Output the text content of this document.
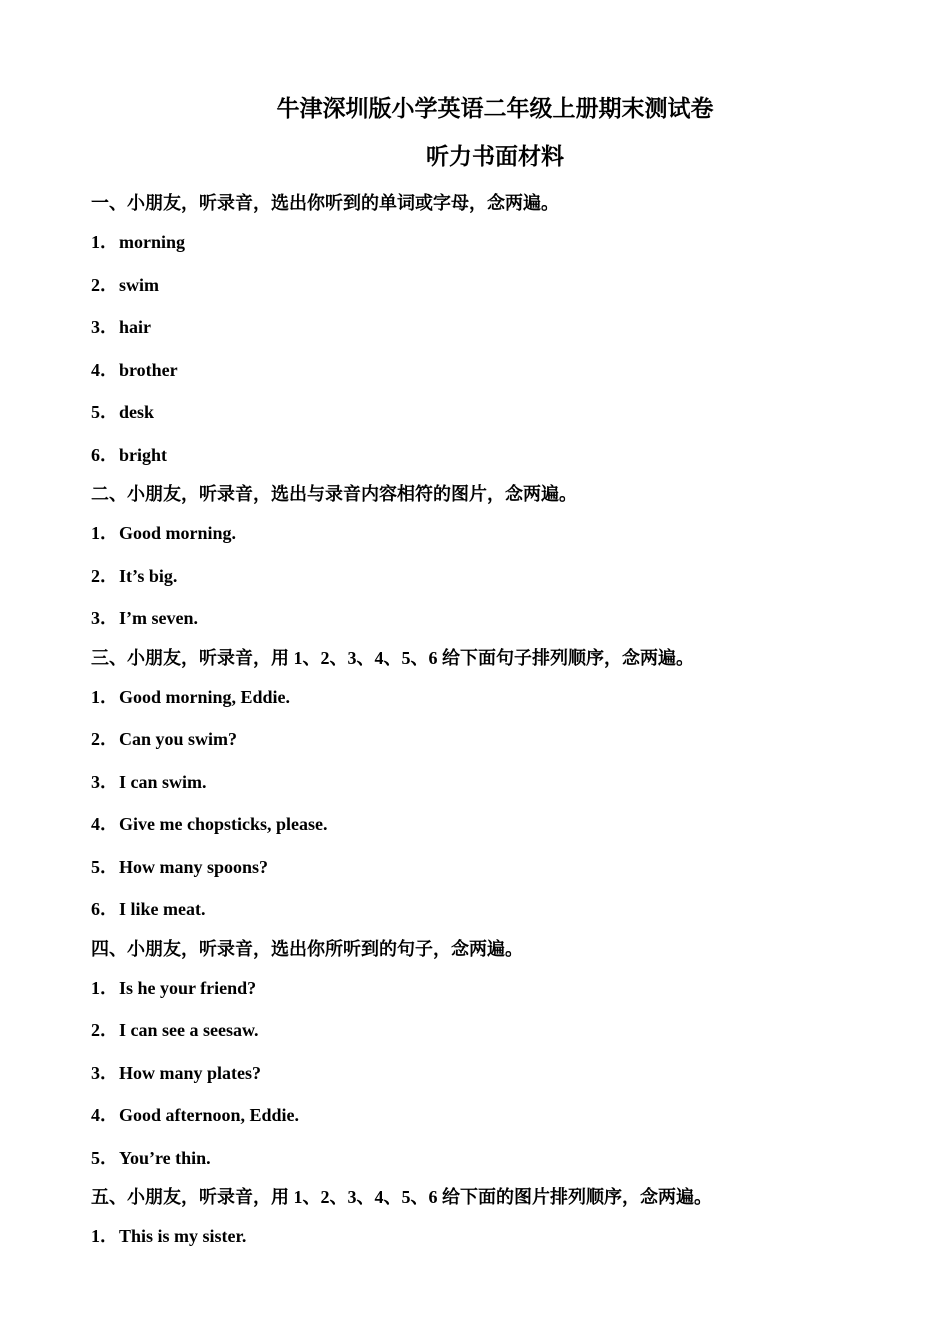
牛津深圳版小学英语二年级上册期末测试卷
听力书面材料
一、小朋友，听录音，选出你听到的单词或字母，念两遍。
1． morning
2． swim
3． hair
4． brother
5． desk
6． bright
二、小朋友，听录音，选出与录音内容相符的图片，念两遍。
1． Good morning.
2． It’s big.
3． I’m seven.
三、小朋友，听录音，用 1、2、3、4、5、6 给下面句子排列顺序，念两遍。
1． Good morning, Eddie.
2． Can you swim?
3． I can swim.
4． Give me chopsticks, please.
5． How many spoons?
6． I like meat.
四、小朋友，听录音，选出你所听到的句子，念两遍。
1． Is he your friend?
2． I can see a seesaw.
3． How many plates?
4． Good afternoon, Eddie.
5． You’re thin.
五、小朋友，听录音，用 1、2、3、4、5、6 给下面的图片排列顺序，念两遍。
1． This is my sister.
